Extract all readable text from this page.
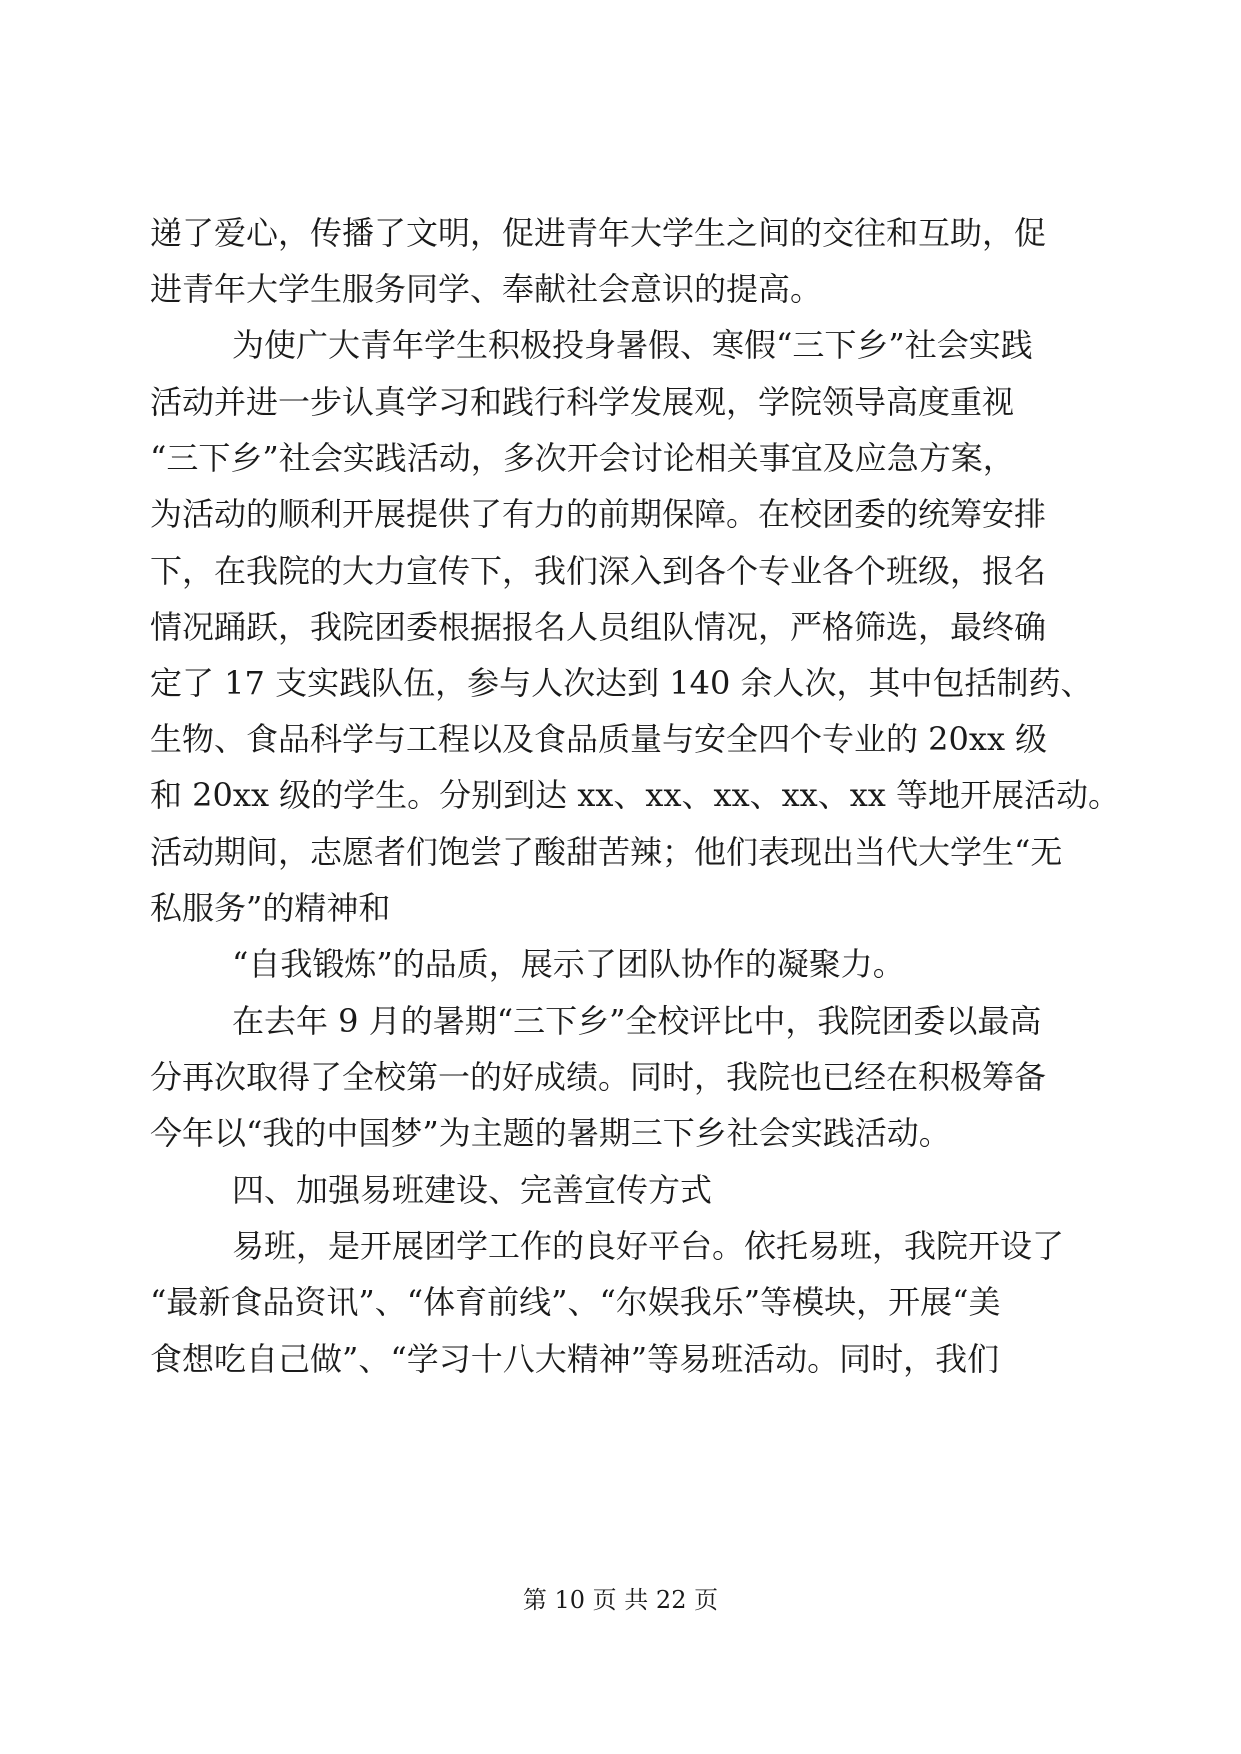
递了爱心，传播了文明，促进青年大学生之间的交往和互助，促
进青年大学生服务同学、奉献社会意识的提高。
为使广大青年学生积极投身暑假、寒假“三下乡”社会实践
活动并进一步认真学习和践行科学发展观，学院领导高度重视
“三下乡”社会实践活动，多次开会讨论相关事宜及应急方案，
为活动的顺利开展提供了有力的前期保障。在校团委的统筹安排
下，在我院的大力宣传下，我们深入到各个专业各个班级，报名
情况踊跃，我院团委根据报名人员组队情况，严格筛选，最终确
定了 17 支实践队伍，参与人次达到 140 余人次，其中包括制药、
生物、食品科学与工程以及食品质量与安全四个专业的 20xx 级
和 20xx 级的学生。分别到达 xx、xx、xx、xx、xx 等地开展活动。
活动期间，志愿者们饱尝了酸甜苦辣；他们表现出当代大学生“无
私服务”的精神和
“自我锻炼”的品质，展示了团队协作的凝聚力。
在去年 9 月的暑期“三下乡”全校评比中，我院团委以最高
分再次取得了全校第一的好成绩。同时，我院也已经在积极筹备
今年以“我的中国梦”为主题的暑期三下乡社会实践活动。
四、加强易班建设、完善宣传方式
易班，是开展团学工作的良好平台。依托易班，我院开设了
“最新食品资讯”、“体育前线”、“尔娱我乐”等模块，开展“美
食想吃自己做”、“学习十八大精神”等易班活动。同时，我们
第 10 页 共 22 页
